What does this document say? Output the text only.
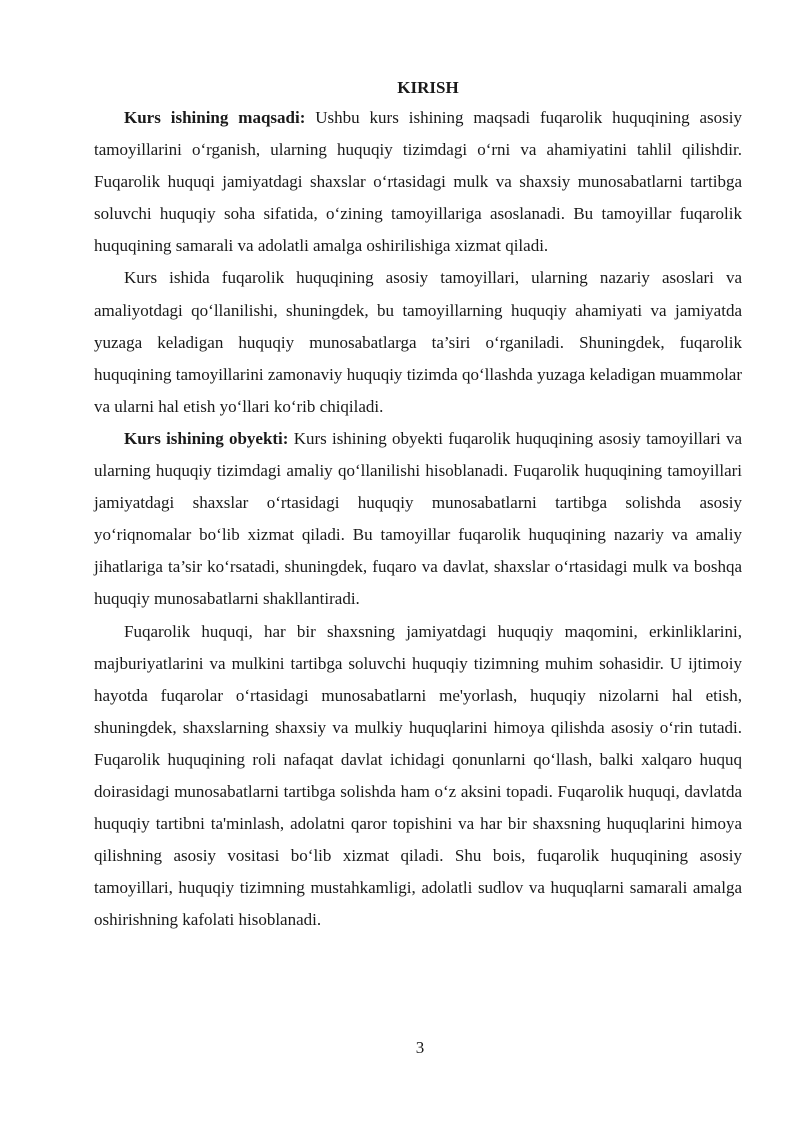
KIRISH

Kurs ishining maqsadi: Ushbu kurs ishining maqsadi fuqarolik huquqining asosiy tamoyillarini o‘rganish, ularning huquqiy tizimdagi o‘rni va ahamiyatini tahlil qilishdir. Fuqarolik huquqi jamiyatdagi shaxslar o‘rtasidagi mulk va shaxsiy munosabatlarni tartibga soluvchi huquqiy soha sifatida, o‘zining tamoyillariga asoslanadi. Bu tamoyillar fuqarolik huquqining samarali va adolatli amalga oshirilishiga xizmat qiladi.

Kurs ishida fuqarolik huquqining asosiy tamoyillari, ularning nazariy asoslari va amaliyotdagi qo‘llanilishi, shuningdek, bu tamoyillarning huquqiy ahamiyati va jamiyatda yuzaga keladigan huquqiy munosabatlarga ta’siri o‘rganiladi. Shuningdek, fuqarolik huquqining tamoyillarini zamonaviy huquqiy tizimda qo‘llashda yuzaga keladigan muammolar va ularni hal etish yo‘llari ko‘rib chiqiladi.

Kurs ishining obyekti: Kurs ishining obyekti fuqarolik huquqining asosiy tamoyillari va ularning huquqiy tizimdagi amaliy qo‘llanilishi hisoblanadi. Fuqarolik huquqining tamoyillari jamiyatdagi shaxslar o‘rtasidagi huquqiy munosabatlarni tartibga solishda asosiy yo‘riqnomalar bo‘lib xizmat qiladi. Bu tamoyillar fuqarolik huquqining nazariy va amaliy jihatlariga ta’sir ko‘rsatadi, shuningdek, fuqaro va davlat, shaxslar o‘rtasidagi mulk va boshqa huquqiy munosabatlarni shakllantiradi.

Fuqarolik huquqi, har bir shaxsning jamiyatdagi huquqiy maqomini, erkinliklarini, majburiyatlarini va mulkini tartibga soluvchi huquqiy tizimning muhim sohasidir. U ijtimoiy hayotda fuqarolar o‘rtasidagi munosabatlarni me'yorlash, huquqiy nizolarni hal etish, shuningdek, shaxslarning shaxsiy va mulkiy huquqlarini himoya qilishda asosiy o‘rin tutadi. Fuqarolik huquqining roli nafaqat davlat ichidagi qonunlarni qo‘llash, balki xalqaro huquq doirasidagi munosabatlarni tartibga solishda ham o‘z aksini topadi. Fuqarolik huquqi, davlatda huquqiy tartibni ta'minlash, adolatni qaror topishini va har bir shaxsning huquqlarini himoya qilishning asosiy vositasi bo‘lib xizmat qiladi. Shu bois, fuqarolik huquqining asosiy tamoyillari, huquqiy tizimning mustahkamligi, adolatli sudlov va huquqlarni samarali amalga oshirishning kafolati hisoblanadi.

3
